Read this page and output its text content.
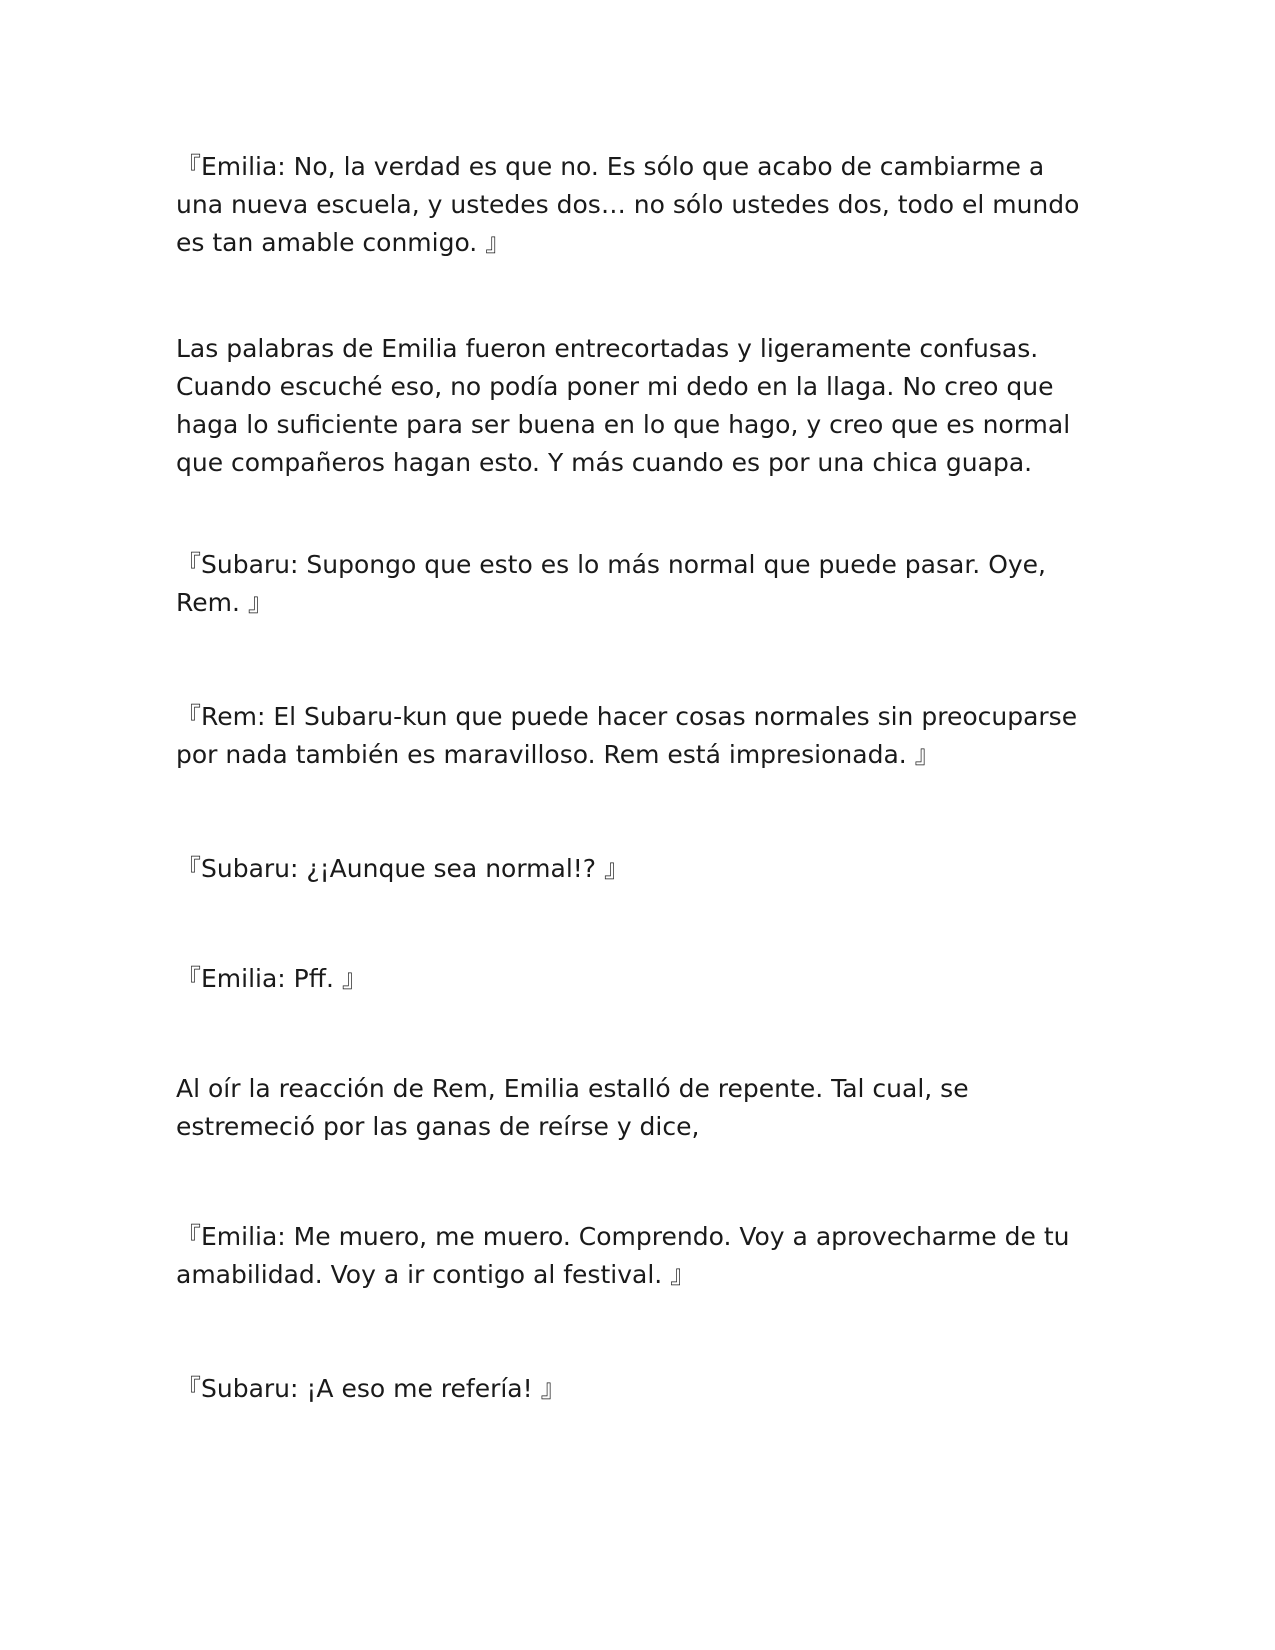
『Emilia: No, la verdad es que no. Es sólo que acabo de cambiarme a una nueva escuela, y ustedes dos… no sólo ustedes dos, todo el mundo es tan amable conmigo. 』

Las palabras de Emilia fueron entrecortadas y ligeramente confusas. Cuando escuché eso, no podía poner mi dedo en la llaga. No creo que haga lo suficiente para ser buena en lo que hago, y creo que es normal que compañeros hagan esto. Y más cuando es por una chica guapa.

『Subaru: Supongo que esto es lo más normal que puede pasar. Oye, Rem. 』

『Rem: El Subaru-kun que puede hacer cosas normales sin preocuparse por nada también es maravilloso. Rem está impresionada. 』

『Subaru: ¿¡Aunque sea normal!? 』

『Emilia: Pff. 』

Al oír la reacción de Rem, Emilia estalló de repente. Tal cual, se estremeció por las ganas de reírse y dice,

『Emilia: Me muero, me muero. Comprendo. Voy a aprovecharme de tu amabilidad. Voy a ir contigo al festival. 』

『Subaru: ¡A eso me refería! 』
